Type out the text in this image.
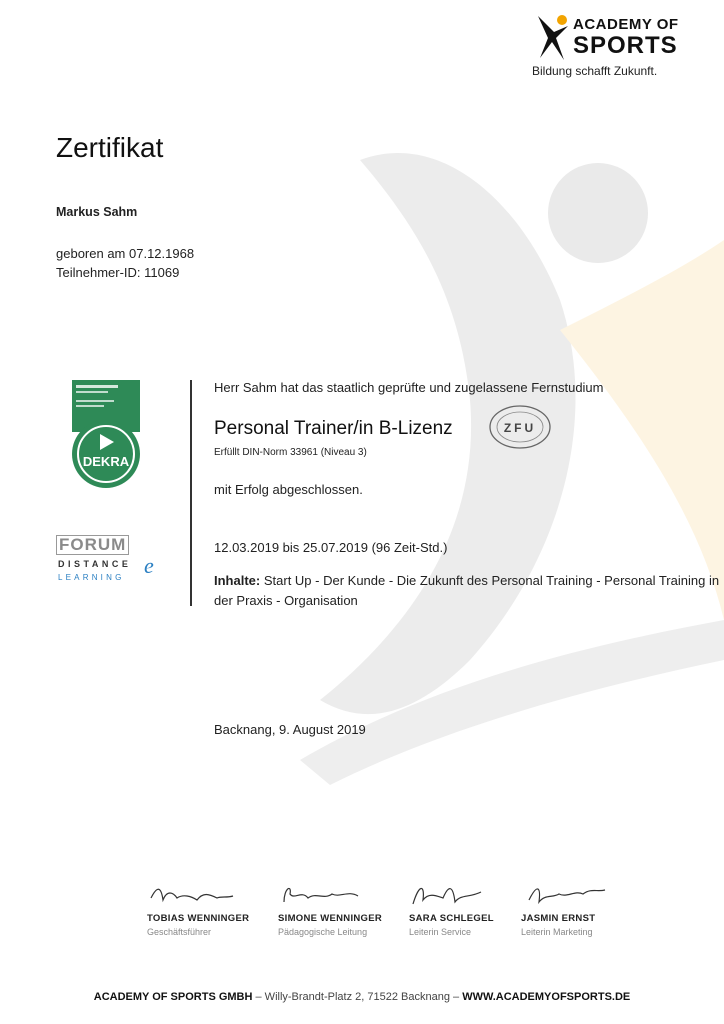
ACADEMY OF
SPORTS
Bildung schafft Zukunft.
Zertifikat
Markus Sahm
geboren am 07.12.1968
Teilnehmer-ID: 11069
DEKRA
FORUM
DISTANCE
LEARNING e
Herr Sahm hat das staatlich geprüfte und zugelassene Fernstudium
Personal Trainer/in B-Lizenz
Erfüllt DIN-Norm 33961 (Niveau 3)
ZFU
mit Erfolg abgeschlossen.
12.03.2019 bis 25.07.2019 (96 Zeit-Std.)
Inhalte: Start Up - Der Kunde - Die Zukunft des Personal Training - Personal Training in der Praxis - Organisation
Backnang, 9. August 2019
TOBIAS WENNINGER
Geschäftsführer
SIMONE WENNINGER
Pädagogische Leitung
SARA SCHLEGEL
Leiterin Service
JASMIN ERNST
Leiterin Marketing
ACADEMY OF SPORTS GMBH – Willy-Brandt-Platz 2, 71522 Backnang – WWW.ACADEMYOFSPORTS.DE
